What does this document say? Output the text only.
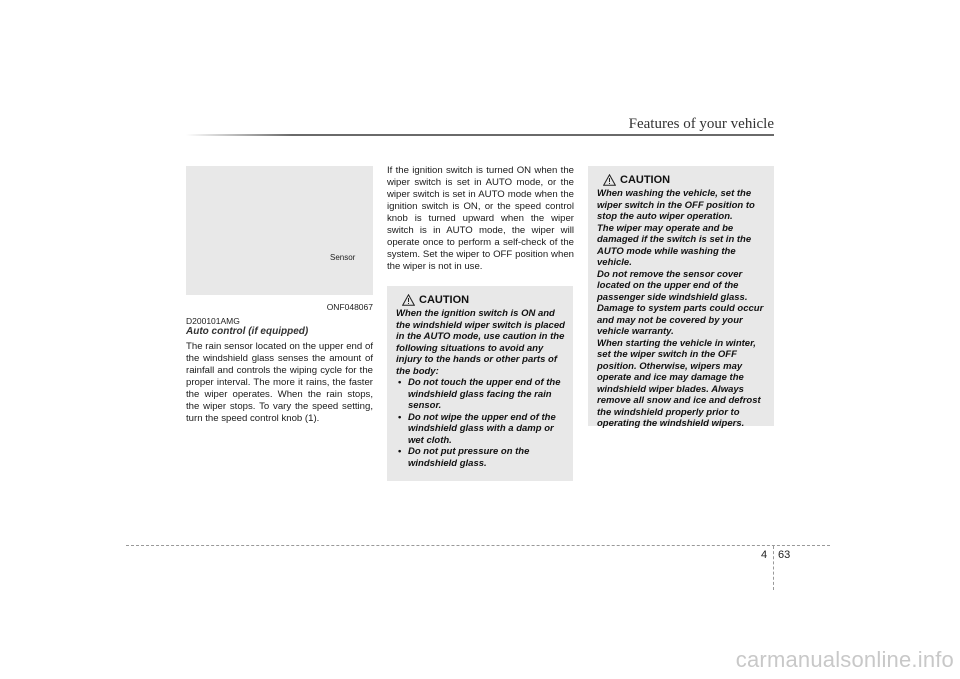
Features of your vehicle
Sensor
ONF048067
D200101AMG
Auto control (if equipped)
The rain sensor located on the upper end of the windshield glass senses the amount of rainfall and controls the wiping cycle for the proper interval. The more it rains, the faster the wiper operates. When the rain stops, the wiper stops. To vary the speed setting, turn the speed control knob (1).
If the ignition switch is turned ON when the wiper switch is set in AUTO mode, or the wiper switch is set in AUTO mode when the ignition switch is ON, or the speed control knob is turned upward when the wiper switch is in AUTO mode, the wiper will operate once to perform a self-check of the system. Set the wiper to OFF position when the wiper is not in use.
CAUTION

When the ignition switch is ON and the windshield wiper switch is placed in the AUTO mode, use caution in the following situations to avoid any injury to the hands or other parts of the body:

• Do not touch the upper end of the windshield glass facing the rain sensor.
• Do not wipe the upper end of the windshield glass with a damp or wet cloth.
• Do not put pressure on the windshield glass.
CAUTION

When washing the vehicle, set the wiper switch in the OFF position to stop the auto wiper operation.

The wiper may operate and be damaged if the switch is set in the AUTO mode while washing the vehicle.

Do not remove the sensor cover located on the upper end of the passenger side windshield glass. Damage to system parts could occur and may not be covered by your vehicle warranty.

When starting the vehicle in winter, set the wiper switch in the OFF position. Otherwise, wipers may operate and ice may damage the windshield wiper blades. Always remove all snow and ice and defrost the windshield properly prior to operating the windshield wipers.

4 63
carmanualsonline.info
